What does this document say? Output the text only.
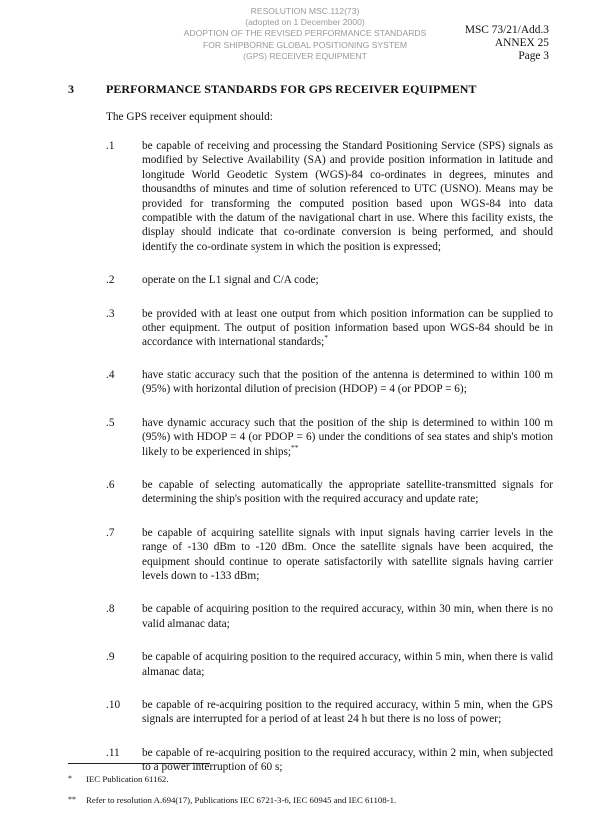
RESOLUTION MSC.112(73)
(adopted on 1 December 2000)
ADOPTION OF THE REVISED PERFORMANCE STANDARDS
FOR SHIPBORNE GLOBAL POSITIONING SYSTEM
(GPS) RECEIVER EQUIPMENT
MSC 73/21/Add.3
ANNEX 25
Page 3
3	PERFORMANCE STANDARDS FOR GPS RECEIVER EQUIPMENT
The GPS receiver equipment should:
.1	be capable of receiving and processing the Standard Positioning Service (SPS) signals as modified by Selective Availability (SA) and provide position information in latitude and longitude World Geodetic System (WGS)-84 co-ordinates in degrees, minutes and thousandths of minutes and time of solution referenced to UTC (USNO). Means may be provided for transforming the computed position based upon WGS-84 into data compatible with the datum of the navigational chart in use. Where this facility exists, the display should indicate that co-ordinate conversion is being performed, and should identify the co-ordinate system in which the position is expressed;
.2	operate on the L1 signal and C/A code;
.3	be provided with at least one output from which position information can be supplied to other equipment. The output of position information based upon WGS-84 should be in accordance with international standards;*
.4	have static accuracy such that the position of the antenna is determined to within 100 m (95%) with horizontal dilution of precision (HDOP) = 4 (or PDOP = 6);
.5	have dynamic accuracy such that the position of the ship is determined to within 100 m (95%) with HDOP = 4 (or PDOP = 6) under the conditions of sea states and ship's motion likely to be experienced in ships;**
.6	be capable of selecting automatically the appropriate satellite-transmitted signals for determining the ship's position with the required accuracy and update rate;
.7	be capable of acquiring satellite signals with input signals having carrier levels in the range of -130 dBm to -120 dBm. Once the satellite signals have been acquired, the equipment should continue to operate satisfactorily with satellite signals having carrier levels down to -133 dBm;
.8	be capable of acquiring position to the required accuracy, within 30 min, when there is no valid almanac data;
.9	be capable of acquiring position to the required accuracy, within 5 min, when there is valid almanac data;
.10	be capable of re-acquiring position to the required accuracy, within 5 min, when the GPS signals are interrupted for a period of at least 24 h but there is no loss of power;
.11	be capable of re-acquiring position to the required accuracy, within 2 min, when subjected to a power interruption of 60 s;
*	IEC Publication 61162.
**	Refer to resolution A.694(17), Publications IEC 6721-3-6, IEC 60945 and IEC 61108-1.
